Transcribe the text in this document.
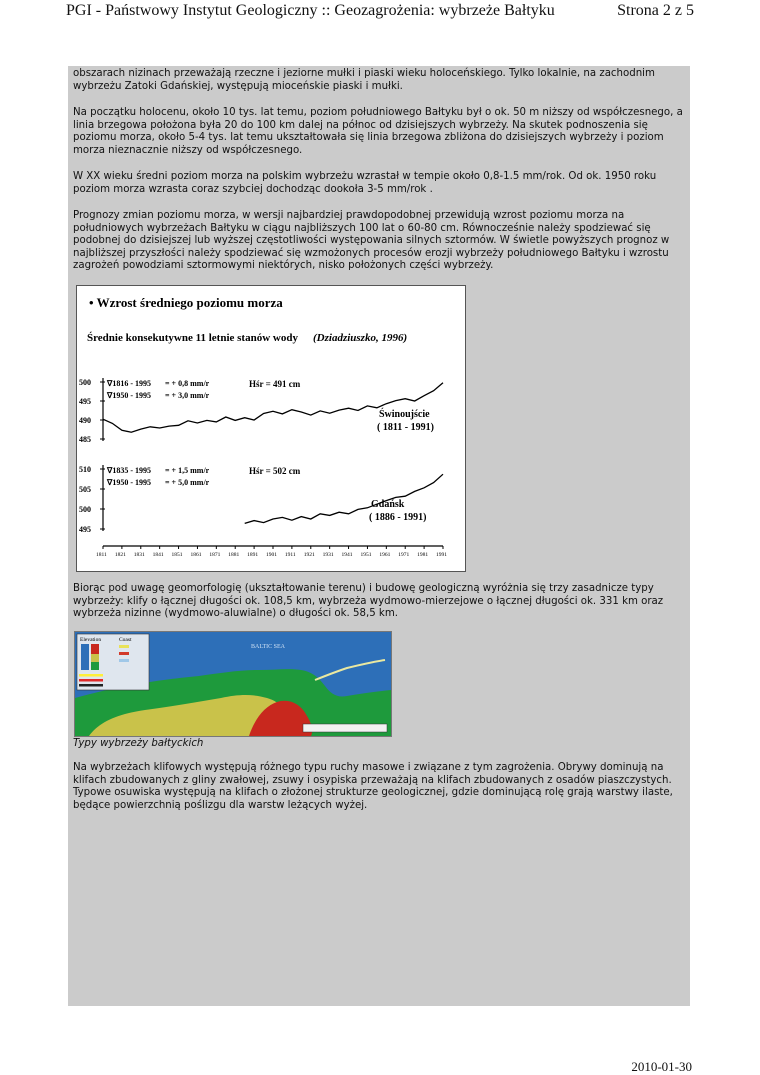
PGI - Państwowy Instytut Geologiczny :: Geozagrożenia: wybrzeże Bałtyku	Strona 2 z 5

obszarach nizinach przeważają rzeczne i jeziorne mułki i piaski wieku holoceńskiego. Tylko lokalnie, na zachodnim wybrzeżu Zatoki Gdańskiej, występują mioceńskie piaski i mułki.

Na początku holocenu, około 10 tys. lat temu, poziom południowego Bałtyku był o ok. 50 m niższy od współczesnego, a linia brzegowa położona była 20 do 100 km dalej na północ od dzisiejszych wybrzeży. Na skutek podnoszenia się poziomu morza, około 5-4 tys. lat temu ukształtowała się linia brzegowa zbliżona do dzisiejszych wybrzeży i poziom morza nieznacznie niższy od współczesnego.

W XX wieku średni poziom morza na polskim wybrzeżu wzrastał w tempie około 0,8-1.5 mm/rok. Od ok. 1950 roku poziom morza wzrasta coraz szybciej dochodząc dookoła 3-5 mm/rok .

Prognozy zmian poziomu morza, w wersji najbardziej prawdopodobnej przewidują wzrost poziomu morza na południowych wybrzeżach Bałtyku w ciągu najbliższych 100 lat o 60-80 cm. Równocześnie należy spodziewać się podobnej do dzisiejszej lub wyższej częstotliwości występowania silnych sztormów. W świetle powyższych prognoz w najbliższej przyszłości należy spodziewać się wzmożonych procesów erozji wybrzeży południowego Bałtyku i wzrostu zagrożeń powodziami sztormowymi niektórych, nisko położonych części wybrzeży.

• Wzrost średniego poziomu morza
Średnie konsekutywne 11 letnie stanów wody (Dziadziuszko, 1996)
500
495
490
485
∇1816 - 1995 = + 0,8 mm/r
∇1950 - 1995 = + 3,0 mm/r
Hśr = 491 cm
Świnoujście
( 1811 - 1991)
510
505
500
495
∇1835 - 1995 = + 1,5 mm/r
∇1950 - 1995 = + 5,0 mm/r
Hśr = 502 cm
Gdańsk
( 1886 - 1991)
1811 1821 1831 1841 1851 1861 1871 1881 1891 1901 1911 1921 1931 1941 1951 1961 1971 1981 1991

Biorąc pod uwagę geomorfologię (ukształtowanie terenu) i budowę geologiczną wyróżnia się trzy zasadnicze typy wybrzeży: klify o łącznej długości ok. 108,5 km, wybrzeża wydmowo-mierzejowe o łącznej długości ok. 331 km oraz wybrzeża nizinne (wydmowo-aluwialne) o długości ok. 58,5 km.

Elevation	Coast
BALTIC SEA

Typy wybrzeży bałtyckich

Na wybrzeżach klifowych występują różnego typu ruchy masowe i związane z tym zagrożenia. Obrywy dominują na klifach zbudowanych z gliny zwałowej, zsuwy i osypiska przeważają na klifach zbudowanych z osadów piaszczystych. Typowe osuwiska występują na klifach o złożonej strukturze geologicznej, gdzie dominującą rolę grają warstwy ilaste, będące powierzchnią poślizgu dla warstw leżących wyżej.

2010-01-30
